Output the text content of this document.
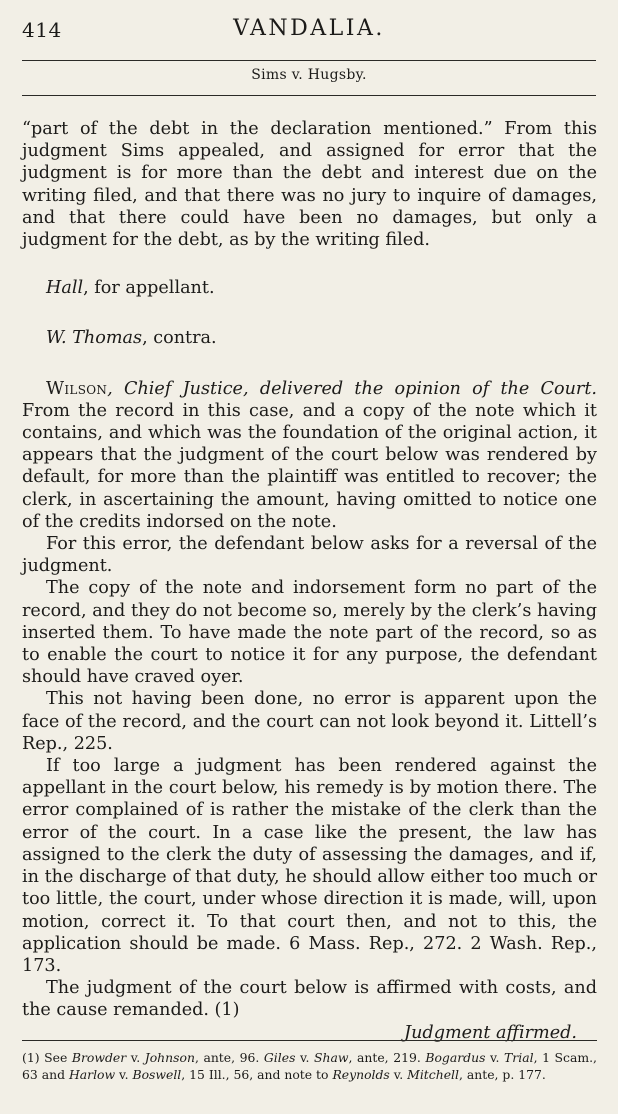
414	VANDALIA.
Sims v. Hugsby.

“part of the debt in the declaration mentioned.” From this judgment Sims appealed, and assigned for error that the judgment is for more than the debt and interest due on the writing filed, and that there was no jury to inquire of damages, and that there could have been no damages, but only a judgment for the debt, as by the writing filed.

Hall, for appellant.

W. Thomas, contra.

Wilson, Chief Justice, delivered the opinion of the Court. From the record in this case, and a copy of the note which it contains, and which was the foundation of the original action, it appears that the judgment of the court below was rendered by default, for more than the plaintiff was entitled to recover; the clerk, in ascertaining the amount, having omitted to notice one of the credits indorsed on the note.

For this error, the defendant below asks for a reversal of the judgment.

The copy of the note and indorsement form no part of the record, and they do not become so, merely by the clerk’s having inserted them. To have made the note part of the record, so as to enable the court to notice it for any purpose, the defendant should have craved oyer.

This not having been done, no error is apparent upon the face of the record, and the court can not look beyond it. Littell’s Rep., 225.

If too large a judgment has been rendered against the appellant in the court below, his remedy is by motion there. The error complained of is rather the mistake of the clerk than the error of the court. In a case like the present, the law has assigned to the clerk the duty of assessing the damages, and if, in the discharge of that duty, he should allow either too much or too little, the court, under whose direction it is made, will, upon motion, correct it. To that court then, and not to this, the application should be made. 6 Mass. Rep., 272. 2 Wash. Rep., 173.

The judgment of the court below is affirmed with costs, and the cause remanded. (1)

Judgment affirmed.

(1) See Browder v. Johnson, ante, 96. Giles v. Shaw, ante, 219. Bogardus v. Trial, 1 Scam., 63 and Harlow v. Boswell, 15 Ill., 56, and note to Reynolds v. Mitchell, ante, p. 177.
